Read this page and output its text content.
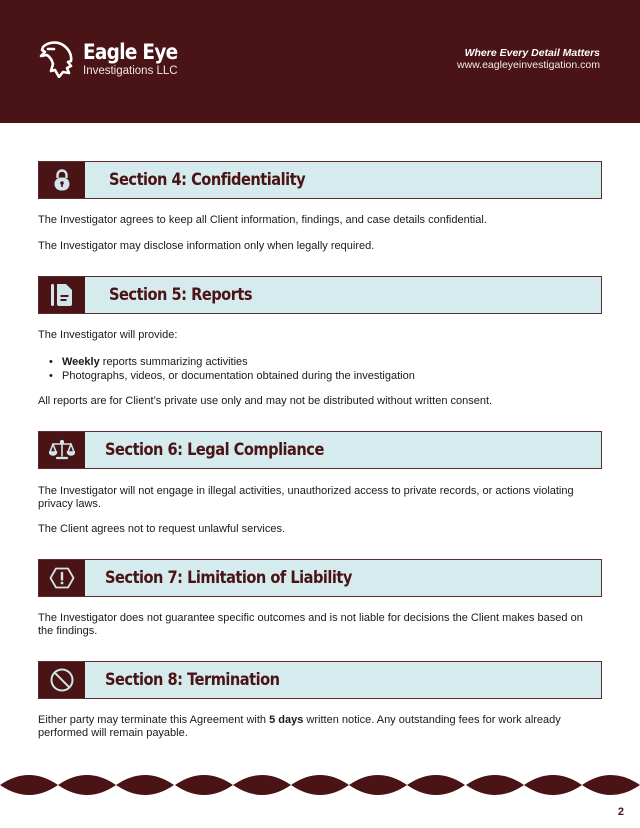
Eagle Eye
Investigations LLC
Where Every Detail Matters
www.eagleyeinvestigation.com
Section 4: Confidentiality
The Investigator agrees to keep all Client information, findings, and case details confidential.
The Investigator may disclose information only when legally required.
Section 5: Reports
The Investigator will provide:
• Weekly reports summarizing activities
• Photographs, videos, or documentation obtained during the investigation
All reports are for Client’s private use only and may not be distributed without written consent.
Section 6: Legal Compliance
The Investigator will not engage in illegal activities, unauthorized access to private records, or actions violating privacy laws.
The Client agrees not to request unlawful services.
Section 7: Limitation of Liability
The Investigator does not guarantee specific outcomes and is not liable for decisions the Client makes based on the findings.
Section 8: Termination
Either party may terminate this Agreement with 5 days written notice. Any outstanding fees for work already performed will remain payable.
2
